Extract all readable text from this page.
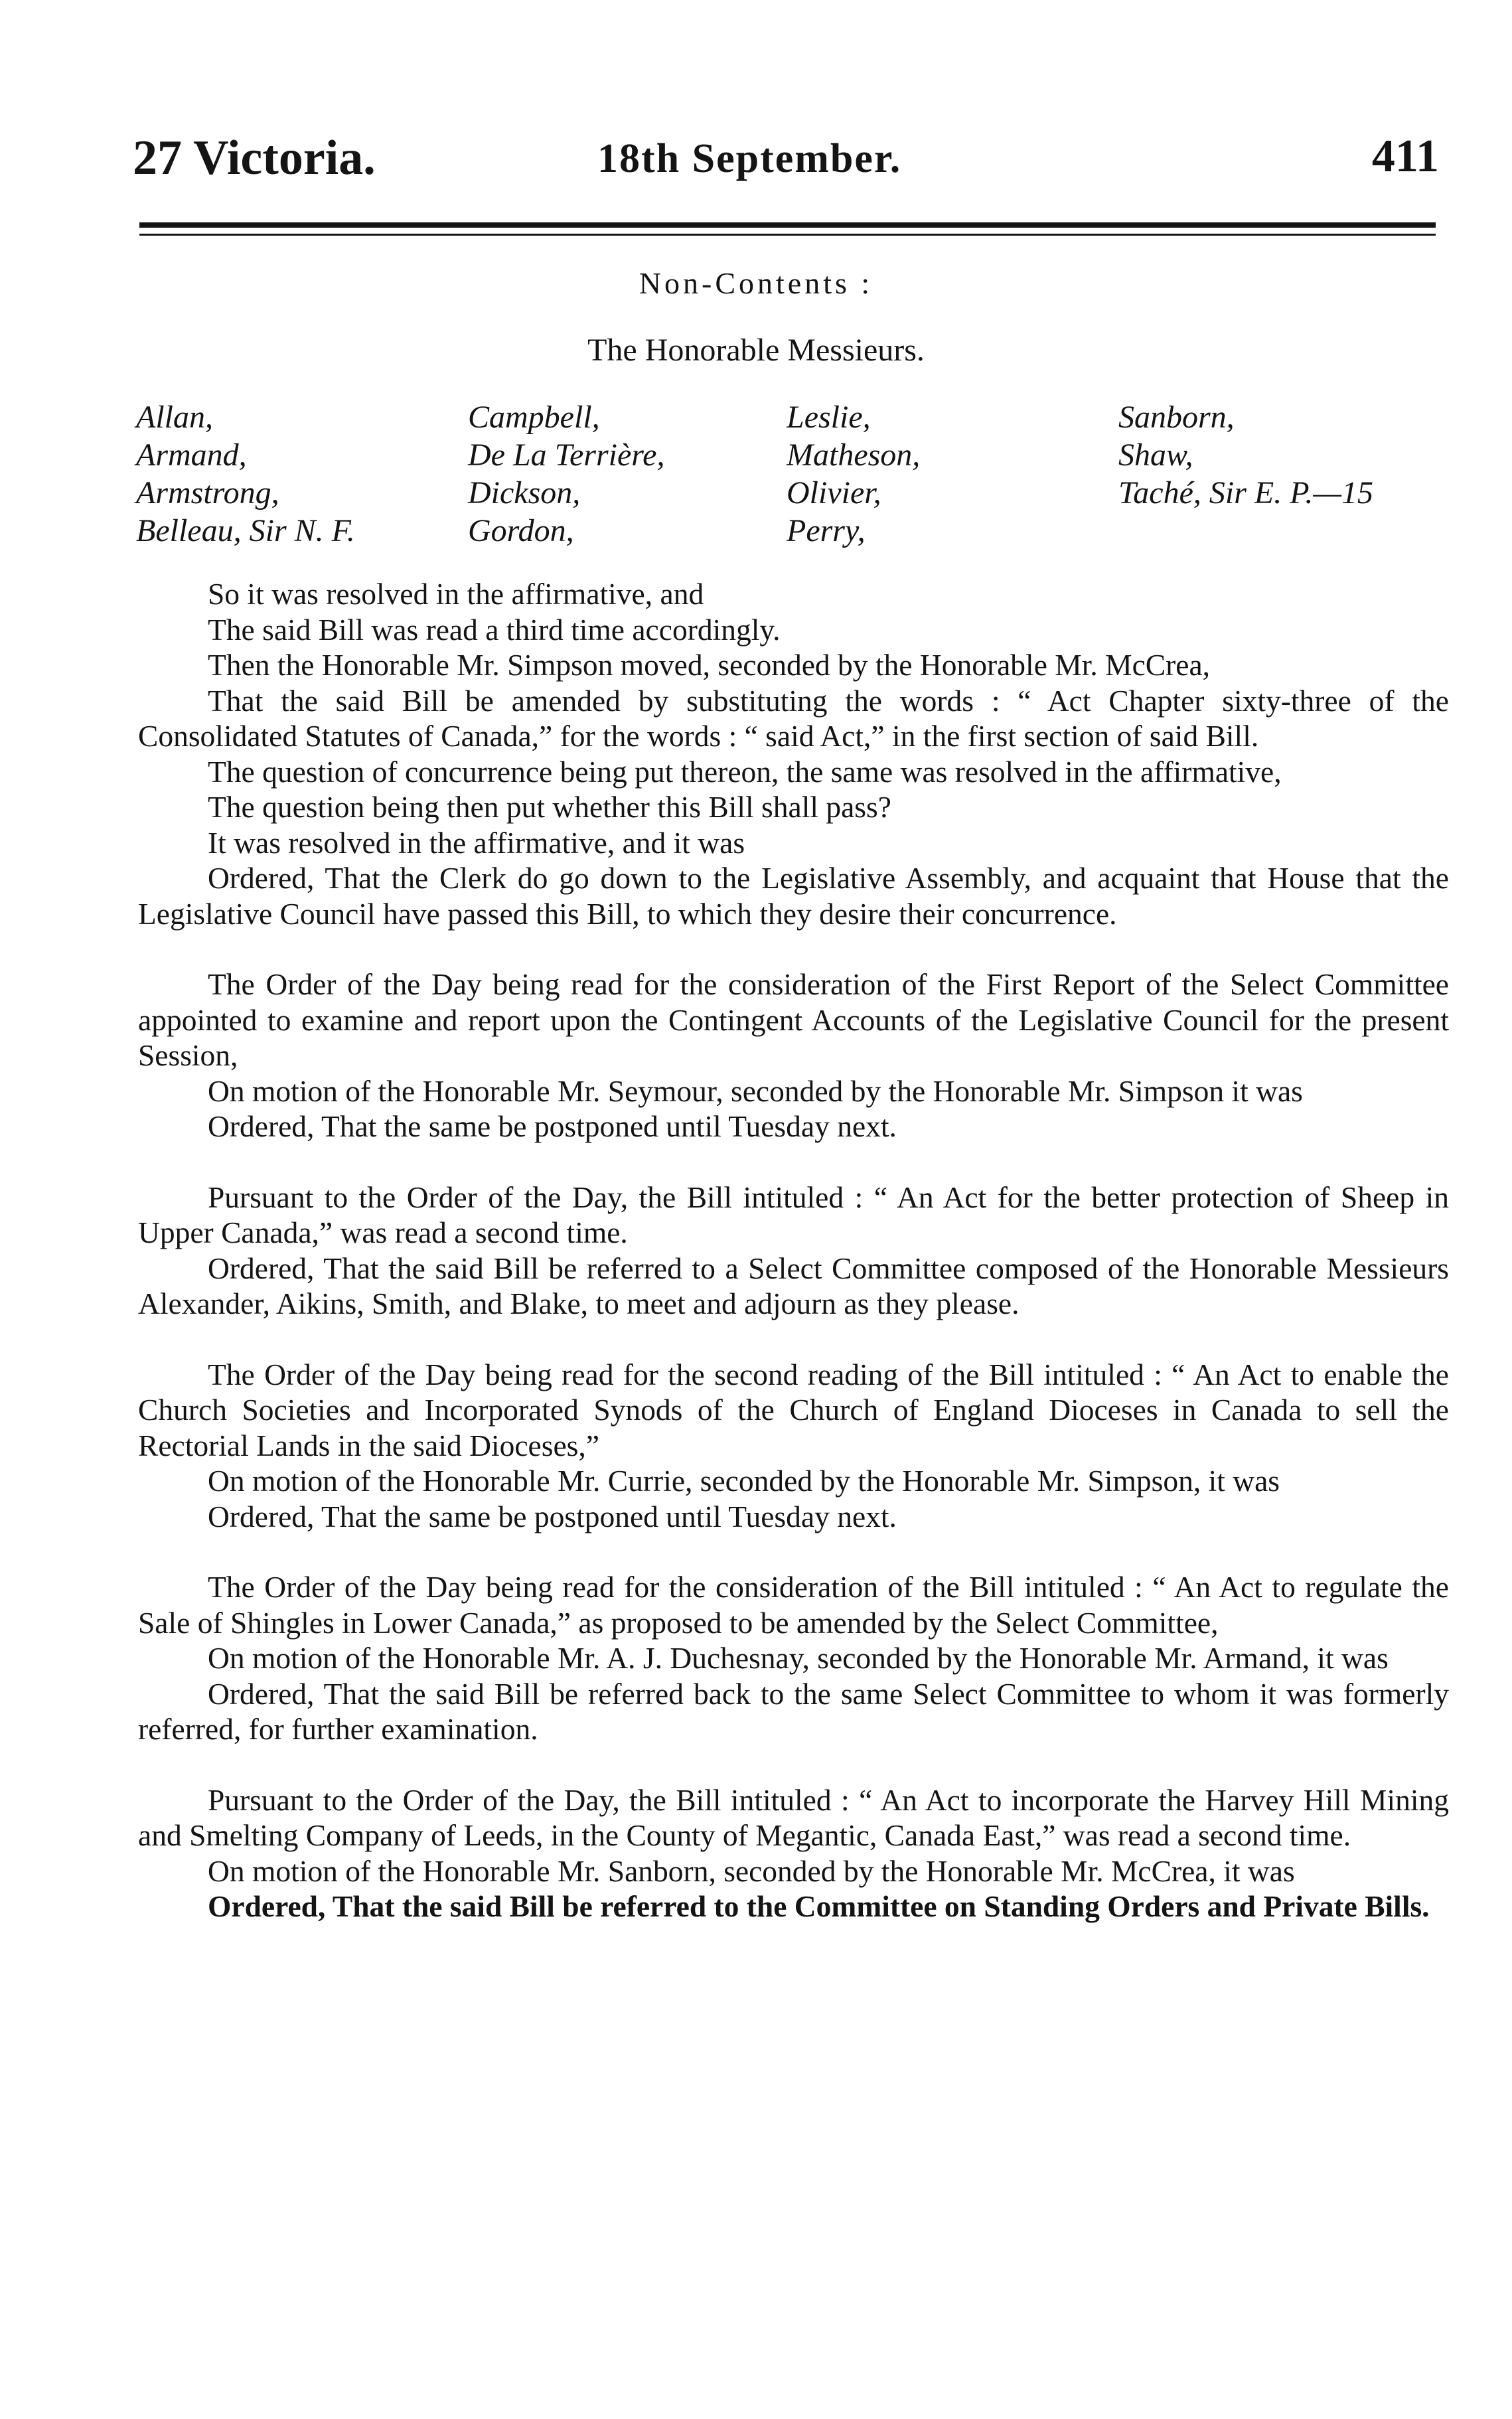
27 Victoria.	18th September.	411
Non-Contents :
The Honorable Messieurs.
Allan,
Armand,
Armstrong,
Belleau, Sir N. F.
Campbell,
De La Terrière,
Dickson,
Gordon,
Leslie,
Matheson,
Olivier,
Perry,
Sanborn,
Shaw,
Taché, Sir E. P.—15

So it was resolved in the affirmative, and

The said Bill was read a third time accordingly.

Then the Honorable Mr. Simpson moved, seconded by the Honorable Mr. McCrea,

That the said Bill be amended by substituting the words : “ Act Chapter sixty-three of the Consolidated Statutes of Canada,” for the words : “ said Act,” in the first section of said Bill.

The question of concurrence being put thereon, the same was resolved in the affirmative,

The question being then put whether this Bill shall pass?

It was resolved in the affirmative, and it was

Ordered, That the Clerk do go down to the Legislative Assembly, and acquaint that House that the Legislative Council have passed this Bill, to which they desire their concurrence.

The Order of the Day being read for the consideration of the First Report of the Select Committee appointed to examine and report upon the Contingent Accounts of the Legislative Council for the present Session,

On motion of the Honorable Mr. Seymour, seconded by the Honorable Mr. Simpson it was

Ordered, That the same be postponed until Tuesday next.

Pursuant to the Order of the Day, the Bill intituled : “ An Act for the better protection of Sheep in Upper Canada,” was read a second time.

Ordered, That the said Bill be referred to a Select Committee composed of the Honorable Messieurs Alexander, Aikins, Smith, and Blake, to meet and adjourn as they please.

The Order of the Day being read for the second reading of the Bill intituled : “ An Act to enable the Church Societies and Incorporated Synods of the Church of England Dioceses in Canada to sell the Rectorial Lands in the said Dioceses,”

On motion of the Honorable Mr. Currie, seconded by the Honorable Mr. Simpson, it was

Ordered, That the same be postponed until Tuesday next.

The Order of the Day being read for the consideration of the Bill intituled : “ An Act to regulate the Sale of Shingles in Lower Canada,” as proposed to be amended by the Select Committee,

On motion of the Honorable Mr. A. J. Duchesnay, seconded by the Honorable Mr. Armand, it was

Ordered, That the said Bill be referred back to the same Select Committee to whom it was formerly referred, for further examination.

Pursuant to the Order of the Day, the Bill intituled : “ An Act to incorporate the Harvey Hill Mining and Smelting Company of Leeds, in the County of Megantic, Canada East,” was read a second time.

On motion of the Honorable Mr. Sanborn, seconded by the Honorable Mr. McCrea, it was

Ordered, That the said Bill be referred to the Committee on Standing Orders and Private Bills.
